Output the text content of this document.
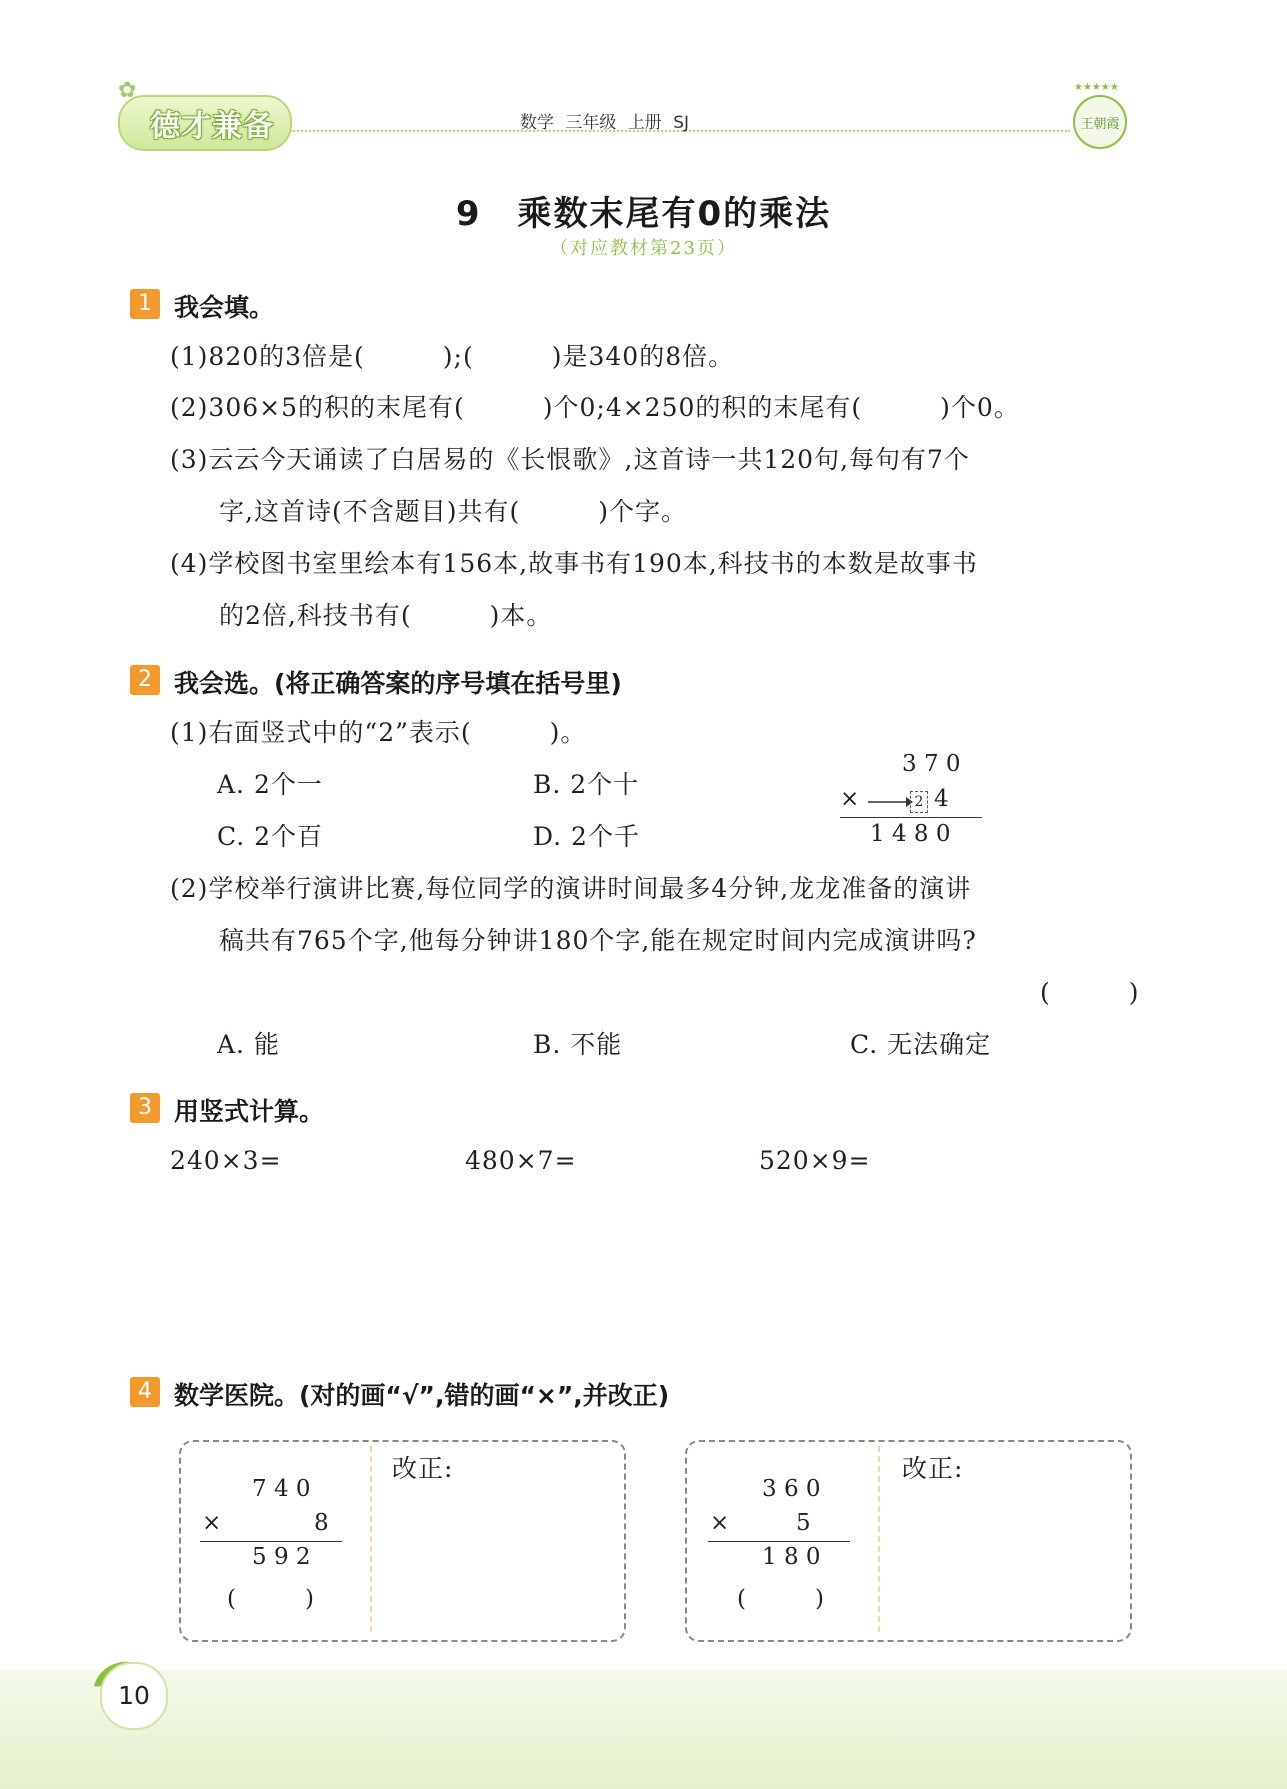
✿
德才兼备	数学 三年级 上册 SJ
★★★★★
王朝霞
9　乘数末尾有0的乘法
（对应教材第23页）
1 我会填。
(1)820的3倍是(　　　);(　　　)是340的8倍。
(2)306×5的积的末尾有(　　　)个0;4×250的积的末尾有(　　　)个0。
(3)云云今天诵读了白居易的《长恨歌》,这首诗一共120句,每句有7个
字,这首诗(不含题目)共有(　　　)个字。
(4)学校图书室里绘本有156本,故事书有190本,科技书的本数是故事书
的2倍,科技书有(　　　)本。
2 我会选。(将正确答案的序号填在括号里)
(1)右面竖式中的“2”表示(　　　)。
A. 2个一	B. 2个十
C. 2个百	D. 2个千
3 7 0
×	2 4
1 4 8 0
(2)学校举行演讲比赛,每位同学的演讲时间最多4分钟,龙龙准备的演讲
稿共有765个字,他每分钟讲180个字,能在规定时间内完成演讲吗?
(　　　)
A. 能	B. 不能	C. 无法确定
3 用竖式计算。
240×3=	480×7=	520×9=
4 数学医院。(对的画“√”,错的画“×”,并改正)
7 4 0
×	8
5 9 2
(　　　)
改正:
3 6 0
×	5
1 8 0
(　　　)
改正:
10
